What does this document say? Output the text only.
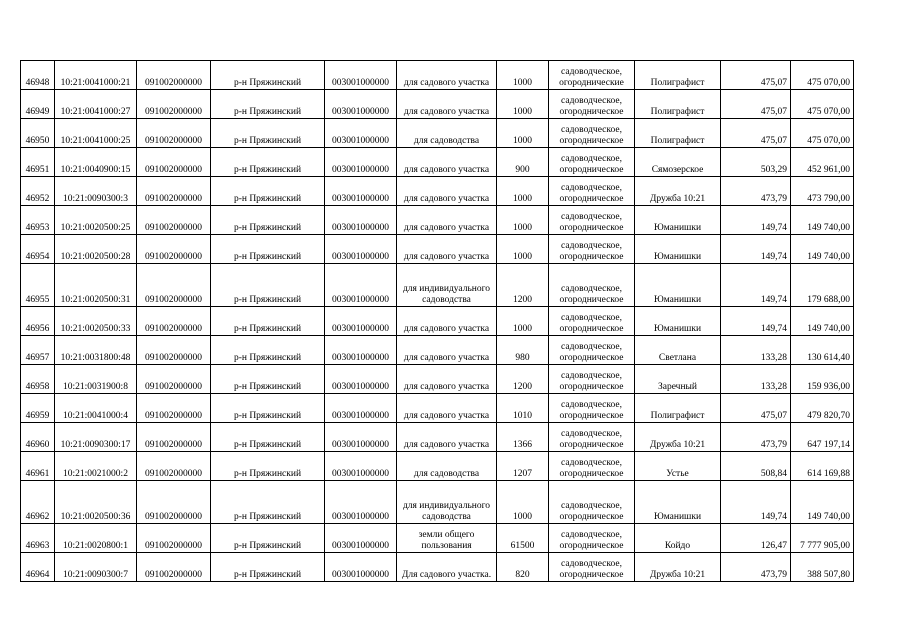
46948	10:21:0041000:21	091002000000	р-н Пряжинский	003001000000	для садового участка	1000	садоводческое, огороднические	Полиграфист	475,07	475 070,00
46949	10:21:0041000:27	091002000000	р-н Пряжинский	003001000000	для садового участка	1000	садоводческое, огородническое	Полиграфист	475,07	475 070,00
46950	10:21:0041000:25	091002000000	р-н Пряжинский	003001000000	для садоводства	1000	садоводческое, огородническое	Полиграфист	475,07	475 070,00
46951	10:21:0040900:15	091002000000	р-н Пряжинский	003001000000	для садового участка	900	садоводческое, огородническое	Сямозерское	503,29	452 961,00
46952	10:21:0090300:3	091002000000	р-н Пряжинский	003001000000	для садового участка	1000	садоводческое, огородническое	Дружба 10:21	473,79	473 790,00
46953	10:21:0020500:25	091002000000	р-н Пряжинский	003001000000	для садового участка	1000	садоводческое, огородническое	Юманишки	149,74	149 740,00
46954	10:21:0020500:28	091002000000	р-н Пряжинский	003001000000	для садового участка	1000	садоводческое, огородническое	Юманишки	149,74	149 740,00
46955	10:21:0020500:31	091002000000	р-н Пряжинский	003001000000	для индивидуального садоводства	1200	садоводческое, огородническое	Юманишки	149,74	179 688,00
46956	10:21:0020500:33	091002000000	р-н Пряжинский	003001000000	для садового участка	1000	садоводческое, огородническое	Юманишки	149,74	149 740,00
46957	10:21:0031800:48	091002000000	р-н Пряжинский	003001000000	для садового участка	980	садоводческое, огородническое	Светлана	133,28	130 614,40
46958	10:21:0031900:8	091002000000	р-н Пряжинский	003001000000	для садового участка	1200	садоводческое, огородническое	Заречный	133,28	159 936,00
46959	10:21:0041000:4	091002000000	р-н Пряжинский	003001000000	для садового участка	1010	садоводческое, огородническое	Полиграфист	475,07	479 820,70
46960	10:21:0090300:17	091002000000	р-н Пряжинский	003001000000	для садового участка	1366	садоводческое, огородническое	Дружба 10:21	473,79	647 197,14
46961	10:21:0021000:2	091002000000	р-н Пряжинский	003001000000	для садоводства	1207	садоводческое, огородническое	Устье	508,84	614 169,88
46962	10:21:0020500:36	091002000000	р-н Пряжинский	003001000000	для индивидуального садоводства	1000	садоводческое, огородническое	Юманишки	149,74	149 740,00
46963	10:21:0020800:1	091002000000	р-н Пряжинский	003001000000	земли общего пользования	61500	садоводческое, огородническое	Койдо	126,47	7 777 905,00
46964	10:21:0090300:7	091002000000	р-н Пряжинский	003001000000	Для садового участка.	820	садоводческое, огородническое	Дружба 10:21	473,79	388 507,80
